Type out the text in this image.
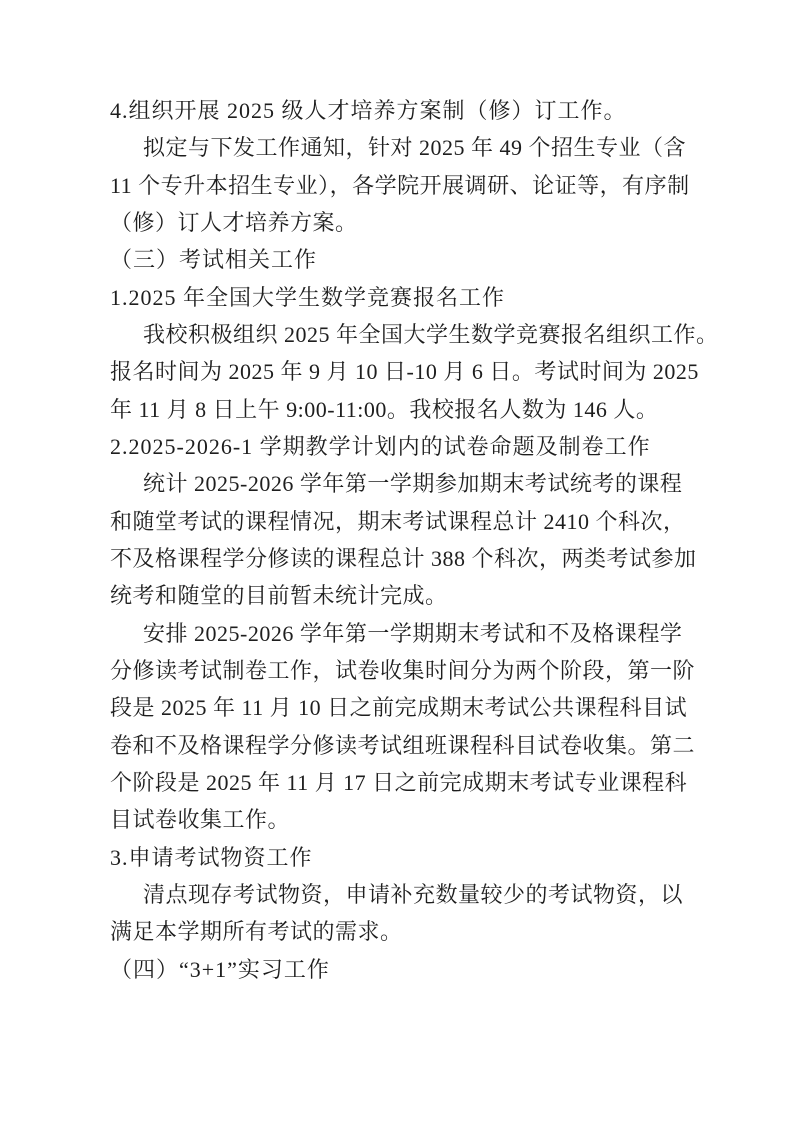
4.组织开展 2025 级人才培养方案制（修）订工作。
拟定与下发工作通知，针对 2025 年 49 个招生专业（含
11 个专升本招生专业），各学院开展调研、论证等，有序制
（修）订人才培养方案。
（三）考试相关工作
1.2025 年全国大学生数学竞赛报名工作
我校积极组织 2025 年全国大学生数学竞赛报名组织工作。
报名时间为 2025 年 9 月 10 日-10 月 6 日。考试时间为 2025
年 11 月 8 日上午 9:00-11:00。我校报名人数为 146 人。
2.2025-2026-1 学期教学计划内的试卷命题及制卷工作
统计 2025-2026 学年第一学期参加期末考试统考的课程
和随堂考试的课程情况，期末考试课程总计 2410 个科次，
不及格课程学分修读的课程总计 388 个科次，两类考试参加
统考和随堂的目前暂未统计完成。
安排 2025-2026 学年第一学期期末考试和不及格课程学
分修读考试制卷工作，试卷收集时间分为两个阶段，第一阶
段是 2025 年 11 月 10 日之前完成期末考试公共课程科目试
卷和不及格课程学分修读考试组班课程科目试卷收集。第二
个阶段是 2025 年 11 月 17 日之前完成期末考试专业课程科
目试卷收集工作。
3.申请考试物资工作
清点现存考试物资，申请补充数量较少的考试物资，以
满足本学期所有考试的需求。
（四）“3+1”实习工作
